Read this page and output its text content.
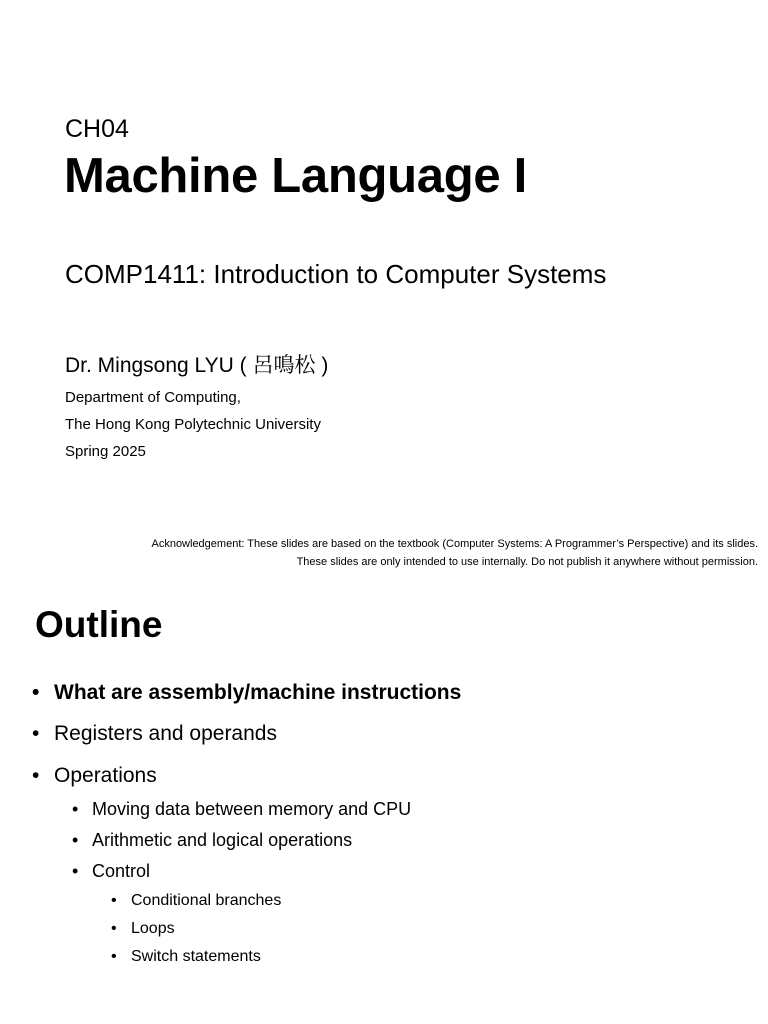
CH04
Machine Language I
COMP1411: Introduction to Computer Systems
Dr. Mingsong LYU ( 呂鳴松 )
Department of Computing,
The Hong Kong Polytechnic University
Spring 2025
Acknowledgement: These slides are based on the textbook (Computer Systems: A Programmer’s Perspective) and its slides.
These slides are only intended to use internally. Do not publish it anywhere without permission.
Outline
• What are assembly/machine instructions
• Registers and operands
• Operations
• Moving data between memory and CPU
• Arithmetic and logical operations
• Control
• Conditional branches
• Loops
• Switch statements
